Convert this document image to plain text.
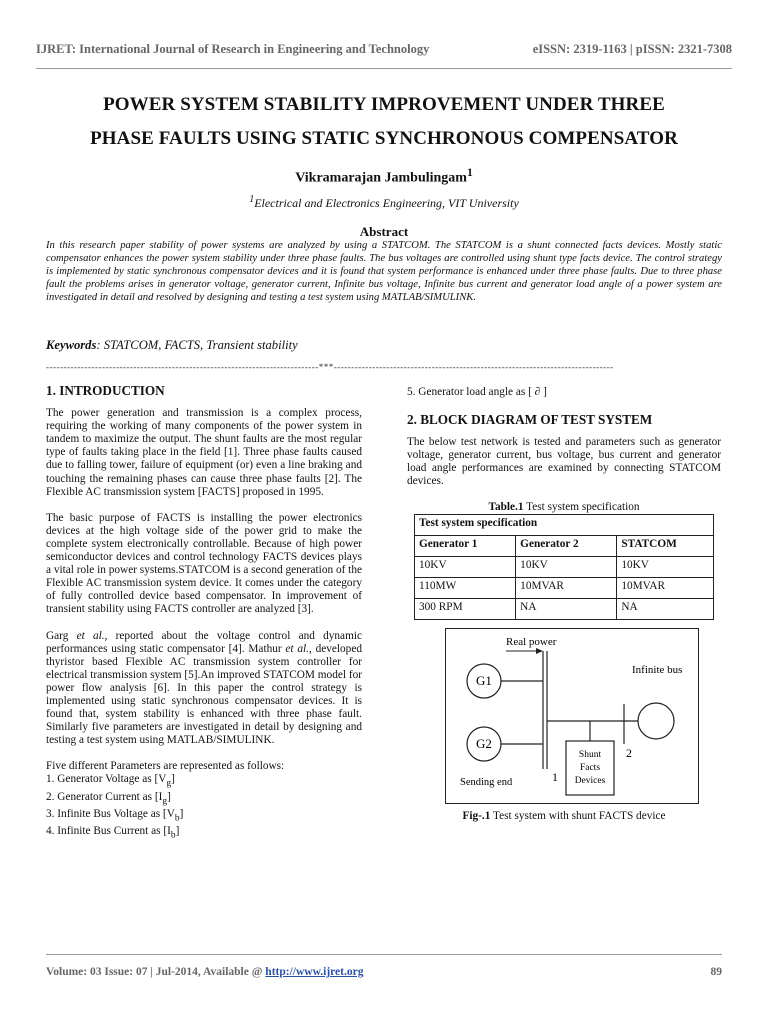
IJRET: International Journal of Research in Engineering and Technology	eISSN: 2319-1163 | pISSN: 2321-7308
POWER SYSTEM STABILITY IMPROVEMENT UNDER THREE
PHASE FAULTS USING STATIC SYNCHRONOUS COMPENSATOR
Vikramarajan Jambulingam$^1$
$^1$Electrical and Electronics Engineering, VIT University
Abstract
In this research paper stability of power systems are analyzed by using a STATCOM. The STATCOM is a shunt connected facts devices. Mostly static compensator enhances the power system stability under three phase faults. The bus voltages are controlled using shunt type facts device. The control strategy is implemented by static synchronous compensator devices and it is found that system performance is enhanced under three phase faults. Due to three phase fault the problems arises in generator voltage, generator current, Infinite bus voltage, Infinite bus current and generator load angle of a power system are investigated in detail and resolved by designing and testing a test system using MATLAB/SIMULINK.
Keywords: STATCOM, FACTS, Transient stability
------------------------------------------------------------------------------***--------------------------------------------------------------------------------
1. INTRODUCTION

The power generation and transmission is a complex process, requiring the working of many components of the power system in tandem to maximize the output. The shunt faults are the most regular type of faults taking place in the field [1]. Three phase faults caused due to falling tower, failure of equipment (or) even a line braking and touching the remaining phases can cause three phase faults [2]. The Flexible AC transmission system [FACTS] proposed in 1995.

The basic purpose of FACTS is installing the power electronics devices at the high voltage side of the power grid to make the complete system electronically controllable. Because of high power semiconductor devices and control technology FACTS devices plays a vital role in power systems.STATCOM is a second generation of the Flexible AC transmission system device. It comes under the category of fully controlled device based compensator. In improvement of transient stability using FACTS controller are analyzed [3].

Garg et al., reported about the voltage control and dynamic performances using static compensator [4]. Mathur et al., developed thyristor based Flexible AC transmission system controller for electrical transmission system [5].An improved STATCOM model for power flow analysis [6]. In this paper the control strategy is implemented using static synchronous compensator devices. It is found that, system stability is enhanced with three phase fault. Similarly five parameters are investigated in detail by designing and testing a test system using MATLAB/SIMULINK.

Five different Parameters are represented as follows:

1. Generator Voltage as $[V_g]$

2. Generator Current as $[I_g]$

3. Infinite Bus Voltage as $[V_b]$

4. Infinite Bus Current as $[I_b]$

5. Generator load angle as [ ∂ ]

2. BLOCK DIAGRAM OF TEST SYSTEM

The below test network is tested and parameters such as generator voltage, generator current, bus voltage, bus current and generator load angle performances are examined by connecting STATCOM devices.

Table.1 Test system specification
Test system specification		
Generator 1	Generator 2	STATCOM
10KV	10KV	10KV
110MW	10MVAR	10MVAR
300 RPM	NA	NA
Real power
G1
G2
Infinite bus
Shunt
Facts
Devices
Sending end	1
2
Fig-.1 Test system with shunt FACTS device
Volume: 03 Issue: 07 | Jul-2014, Available @ http://www.ijret.org	89
